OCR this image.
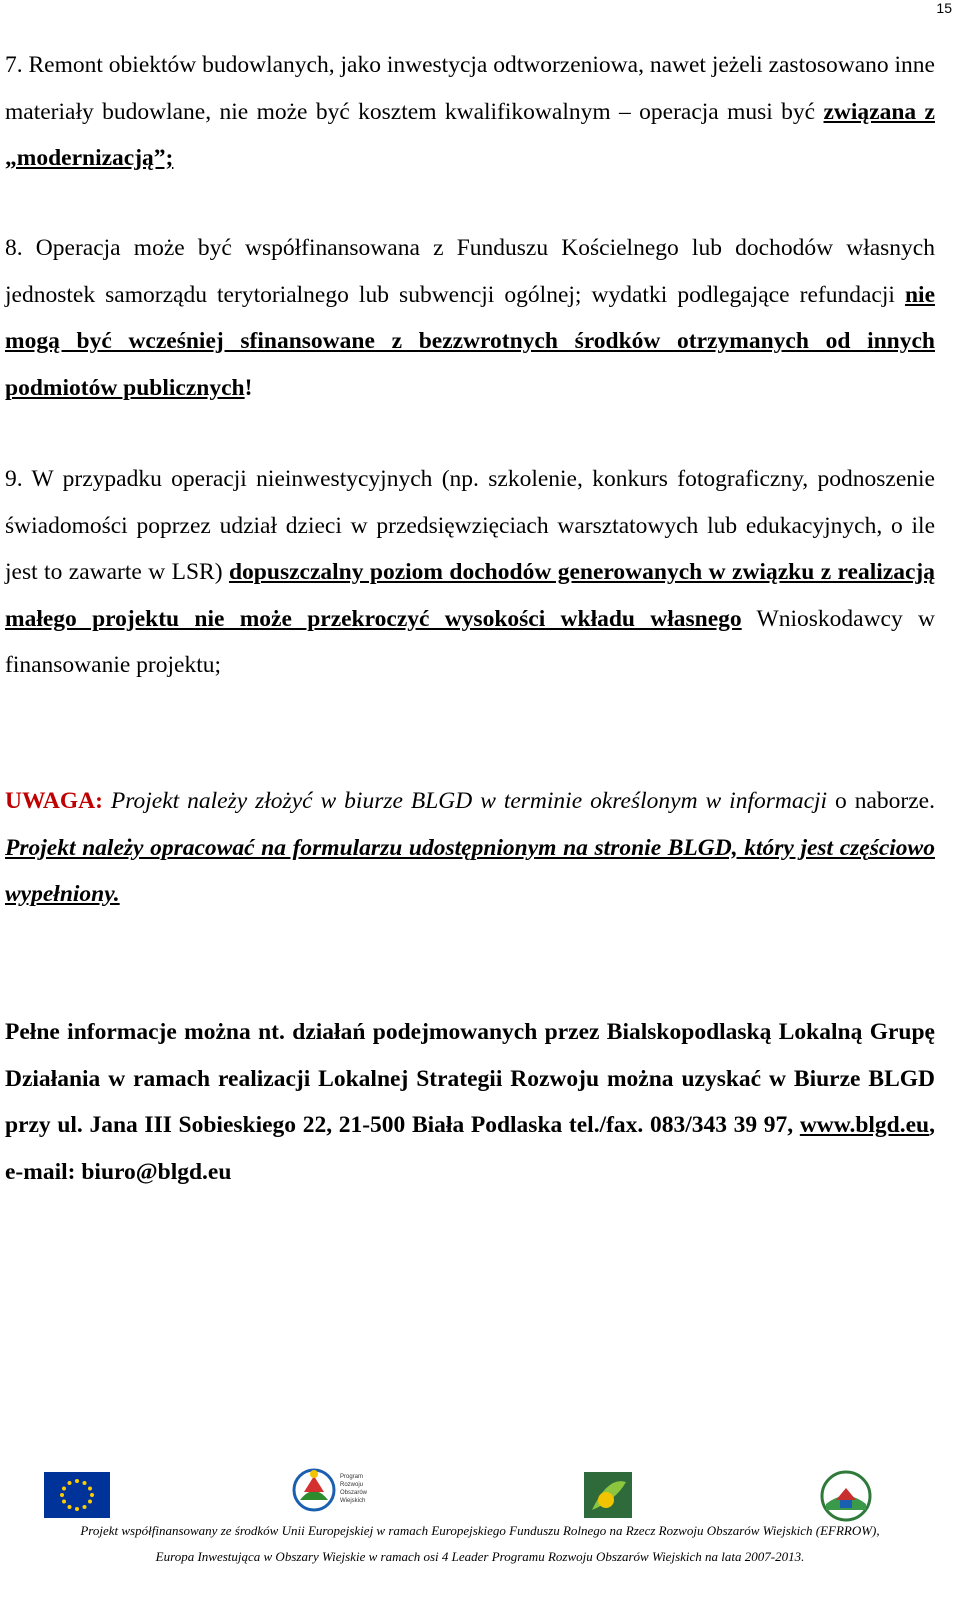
15

7. Remont obiektów budowlanych, jako inwestycja odtworzeniowa, nawet jeżeli zastosowano inne materiały budowlane, nie może być kosztem kwalifikowalnym – operacja musi być związana z „modernizacją”;

8. Operacja może być współfinansowana z Funduszu Kościelnego lub dochodów własnych jednostek samorządu terytorialnego lub subwencji ogólnej; wydatki podlegające refundacji nie mogą być wcześniej sfinansowane z bezzwrotnych środków otrzymanych od innych podmiotów publicznych!

9. W przypadku operacji nieinwestycyjnych (np. szkolenie, konkurs fotograficzny, podnoszenie świadomości poprzez udział dzieci w przedsięwzięciach warsztatowych lub edukacyjnych, o ile jest to zawarte w LSR) dopuszczalny poziom dochodów generowanych w związku z realizacją małego projektu nie może przekroczyć wysokości wkładu własnego Wnioskodawcy w finansowanie projektu;

UWAGA: Projekt należy złożyć w biurze BLGD w terminie określonym w informacji o naborze. Projekt należy opracować na formularzu udostępnionym na stronie BLGD, który jest częściowo wypełniony.

Pełne informacje można nt. działań podejmowanych przez Bialskopodlaską Lokalną Grupę Działania w ramach realizacji Lokalnej Strategii Rozwoju można uzyskać w Biurze BLGD przy ul. Jana III Sobieskiego 22, 21-500 Biała Podlaska tel./fax. 083/343 39 97, www.blgd.eu, e-mail: biuro@blgd.eu

Program
Rozwoju
Obszarów
Wiejskich
Projekt współfinansowany ze środków Unii Europejskiej w ramach Europejskiego Funduszu Rolnego na Rzecz Rozwoju Obszarów Wiejskich (EFRROW),
Europa Inwestująca w Obszary Wiejskie w ramach osi 4 Leader Programu Rozwoju Obszarów Wiejskich na lata 2007-2013.
